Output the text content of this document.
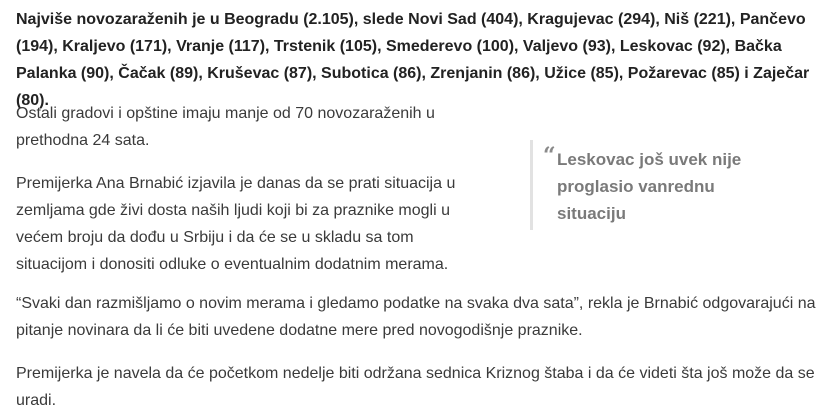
Najviše novozaraženih je u Beogradu (2.105), slede Novi Sad (404), Kragujevac (294), Niš (221), Pančevo (194), Kraljevo (171), Vranje (117), Trstenik (105), Smederevo (100), Valjevo (93), Leskovac (92), Bačka Palanka (90), Čačak (89), Kruševac (87), Subotica (86), Zrenjanin (86), Užice (85), Požarevac (85) i Zaječar (80).

Ostali gradovi i opštine imaju manje od 70 novozaraženih u prethodna 24 sata.

Premijerka Ana Brnabić izjavila je danas da se prati situacija u zemljama gde živi dosta naših ljudi koji bi za praznike mogli u većem broju da dođu u Srbiju i da će se u skladu sa tom situacijom i donositi odluke o eventualnim dodatnim merama.

“ Leskovac još uvek nije proglasio vanrednu situaciju

“Svaki dan razmišljamo o novim merama i gledamo podatke na svaka dva sata”, rekla je Brnabić odgovarajući na pitanje novinara da li će biti uvedene dodatne mere pred novogodišnje praznike.

Premijerka je navela da će početkom nedelje biti održana sednica Kriznog štaba i da će videti šta još može da se uradi.
